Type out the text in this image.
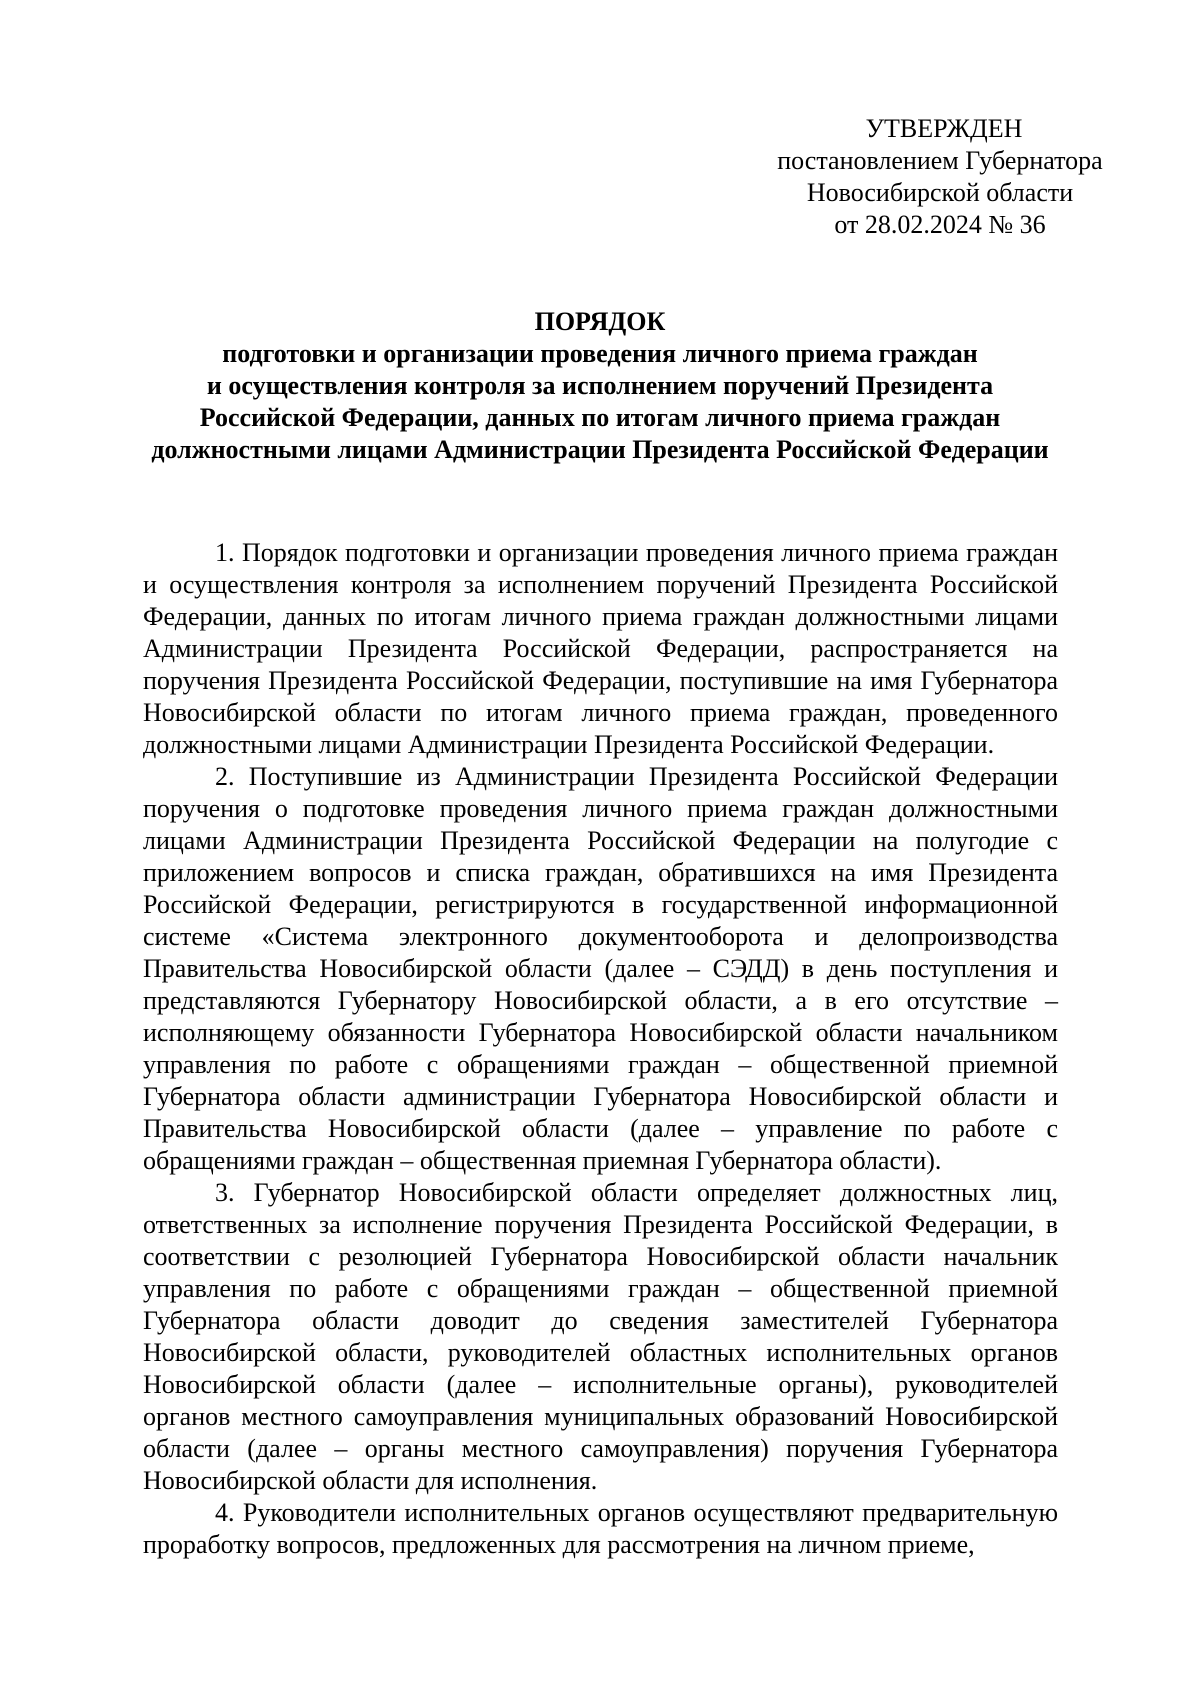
УТВЕРЖДЕН
постановлением Губернатора
Новосибирской области
от 28.02.2024 № 36
ПОРЯДОК
подготовки и организации проведения личного приема граждан
и осуществления контроля за исполнением поручений Президента
Российской Федерации, данных по итогам личного приема граждан
должностными лицами Администрации Президента Российской Федерации

1. Порядок подготовки и организации проведения личного приема граждан и осуществления контроля за исполнением поручений Президента Российской Федерации, данных по итогам личного приема граждан должностными лицами Администрации Президента Российской Федерации, распространяется на поручения Президента Российской Федерации, поступившие на имя Губернатора Новосибирской области по итогам личного приема граждан, проведенного должностными лицами Администрации Президента Российской Федерации.

2. Поступившие из Администрации Президента Российской Федерации поручения о подготовке проведения личного приема граждан должностными лицами Администрации Президента Российской Федерации на полугодие с приложением вопросов и списка граждан, обратившихся на имя Президента Российской Федерации, регистрируются в государственной информационной системе «Система электронного документооборота и делопроизводства Правительства Новосибирской области (далее – СЭДД) в день поступления и представляются Губернатору Новосибирской области, а в его отсутствие – исполняющему обязанности Губернатора Новосибирской области начальником управления по работе с обращениями граждан – общественной приемной Губернатора области администрации Губернатора Новосибирской области и Правительства Новосибирской области (далее – управление по работе с обращениями граждан – общественная приемная Губернатора области).

3. Губернатор Новосибирской области определяет должностных лиц, ответственных за исполнение поручения Президента Российской Федерации, в соответствии с резолюцией Губернатора Новосибирской области начальник управления по работе с обращениями граждан – общественной приемной Губернатора области доводит до сведения заместителей Губернатора Новосибирской области, руководителей областных исполнительных органов Новосибирской области (далее – исполнительные органы), руководителей органов местного самоуправления муниципальных образований Новосибирской области (далее – органы местного самоуправления) поручения Губернатора Новосибирской области для исполнения.

4. Руководители исполнительных органов осуществляют предварительную проработку вопросов, предложенных для рассмотрения на личном приеме,
